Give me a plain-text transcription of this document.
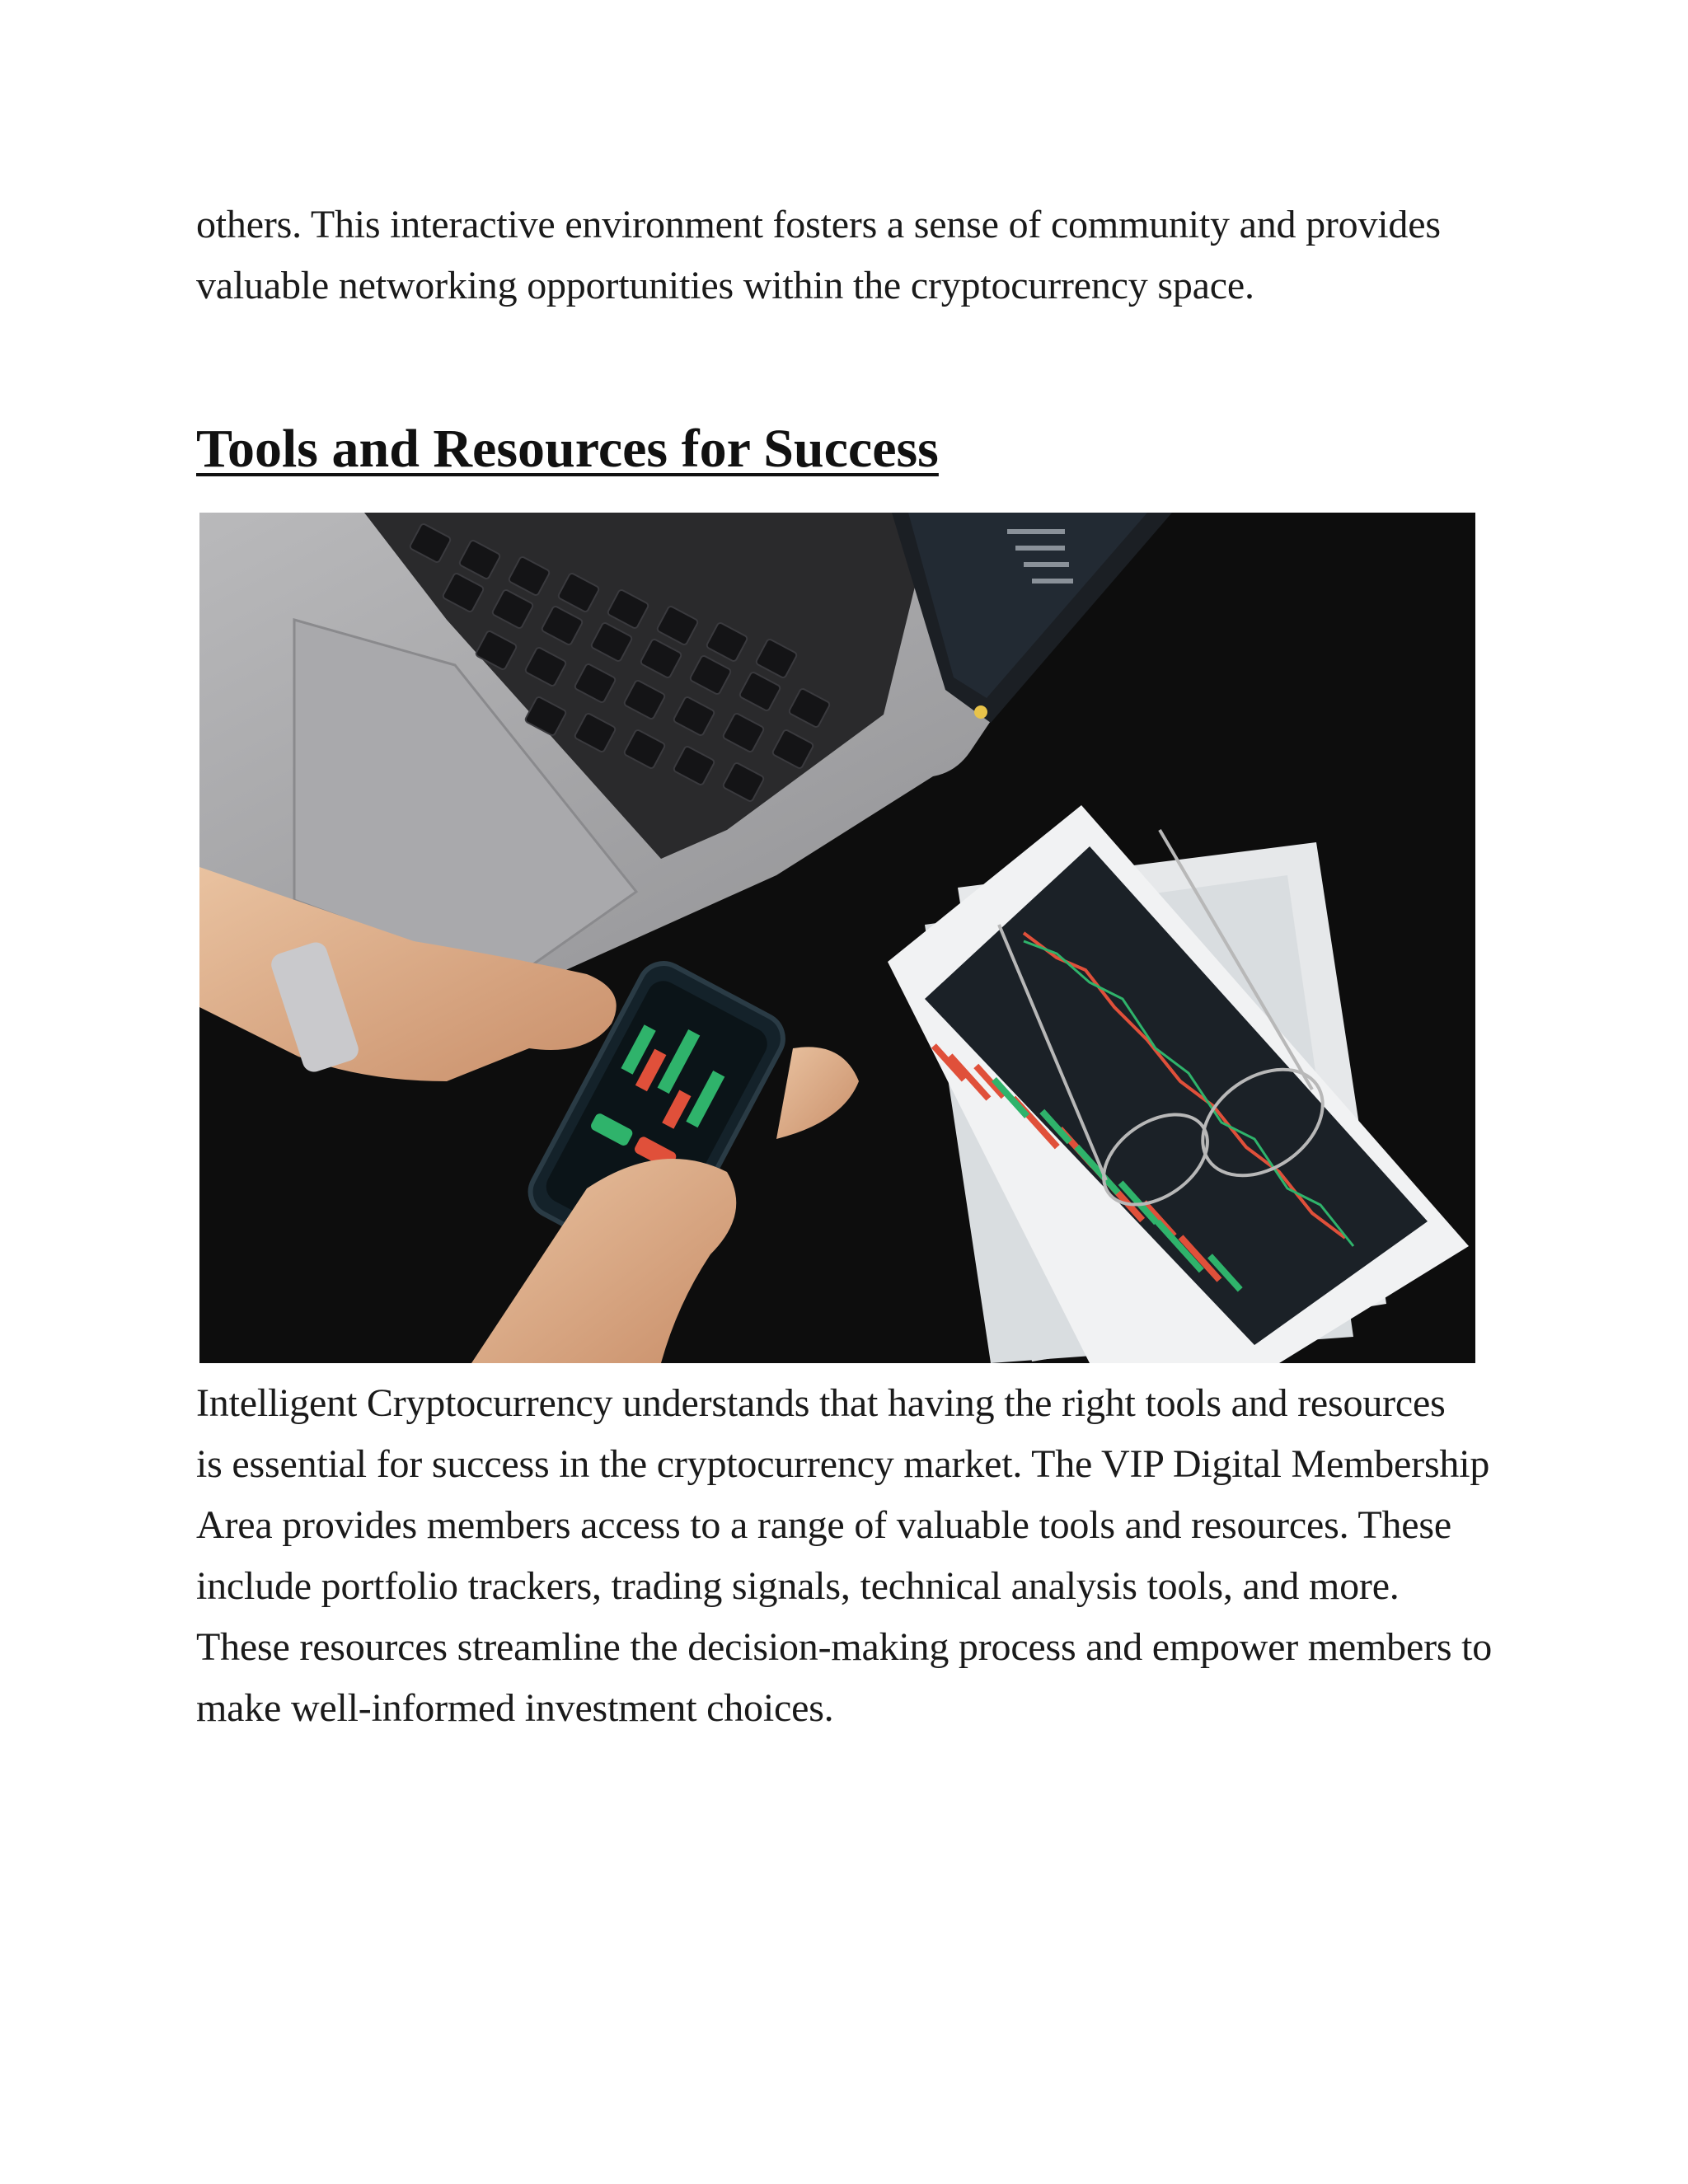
others. This interactive environment fosters a sense of community and provides
valuable networking opportunities within the cryptocurrency space.
Tools and Resources for Success
Intelligent Cryptocurrency understands that having the right tools and resources
is essential for success in the cryptocurrency market. The VIP Digital Membership
Area provides members access to a range of valuable tools and resources. These
include portfolio trackers, trading signals, technical analysis tools, and more.
These resources streamline the decision-making process and empower members to
make well-informed investment choices.
